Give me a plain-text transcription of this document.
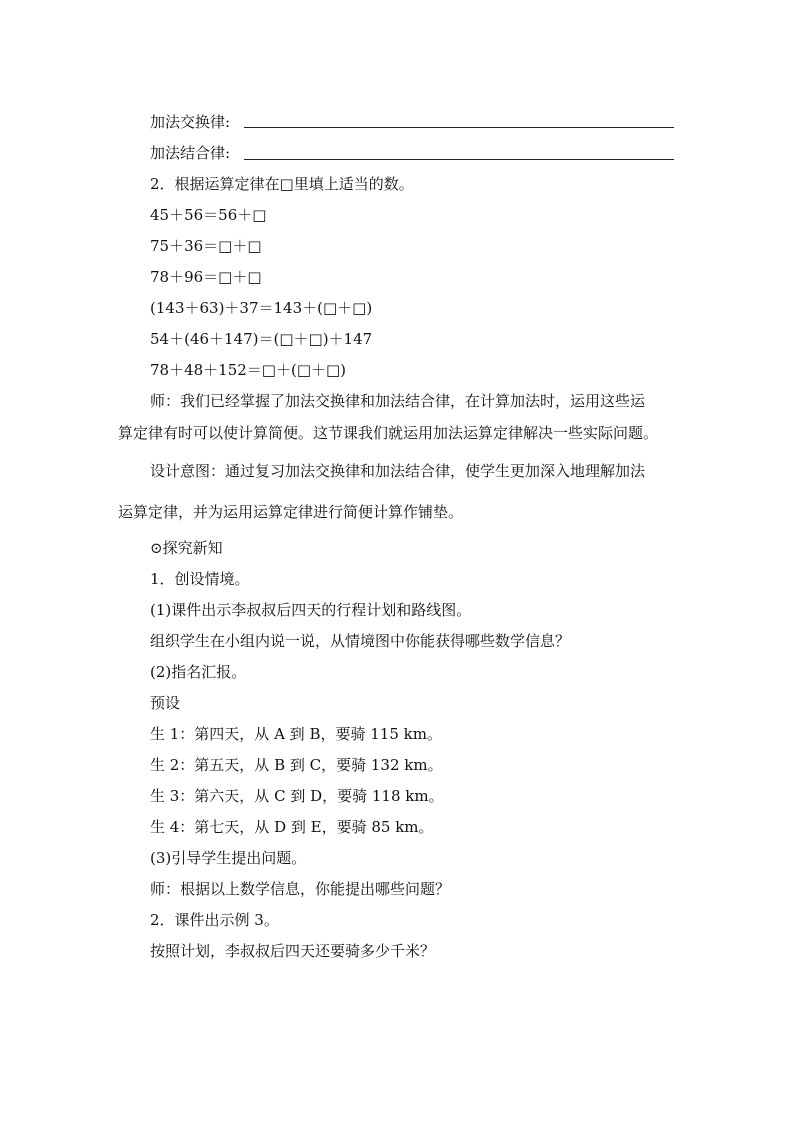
加法交换律:
加法结合律:
2．根据运算定律在□里填上适当的数。
45＋56＝56＋□
75＋36＝□＋□
78＋96＝□＋□
(143＋63)＋37＝143＋(□＋□)
54＋(46＋147)＝(□＋□)＋147
78＋48＋152＝□＋(□＋□)
师：我们已经掌握了加法交换律和加法结合律，在计算加法时，运用这些运
算定律有时可以使计算简便。这节课我们就运用加法运算定律解决一些实际问题。
设计意图：通过复习加法交换律和加法结合律，使学生更加深入地理解加法
运算定律，并为运用运算定律进行简便计算作铺垫。
⊙探究新知
1．创设情境。
(1)课件出示李叔叔后四天的行程计划和路线图。
组织学生在小组内说一说，从情境图中你能获得哪些数学信息？
(2)指名汇报。
预设
生 1：第四天，从 A 到 B，要骑 115 km。
生 2：第五天，从 B 到 C，要骑 132 km。
生 3：第六天，从 C 到 D，要骑 118 km。
生 4：第七天，从 D 到 E，要骑 85 km。
(3)引导学生提出问题。
师：根据以上数学信息，你能提出哪些问题？
2．课件出示例 3。
按照计划，李叔叔后四天还要骑多少千米？
